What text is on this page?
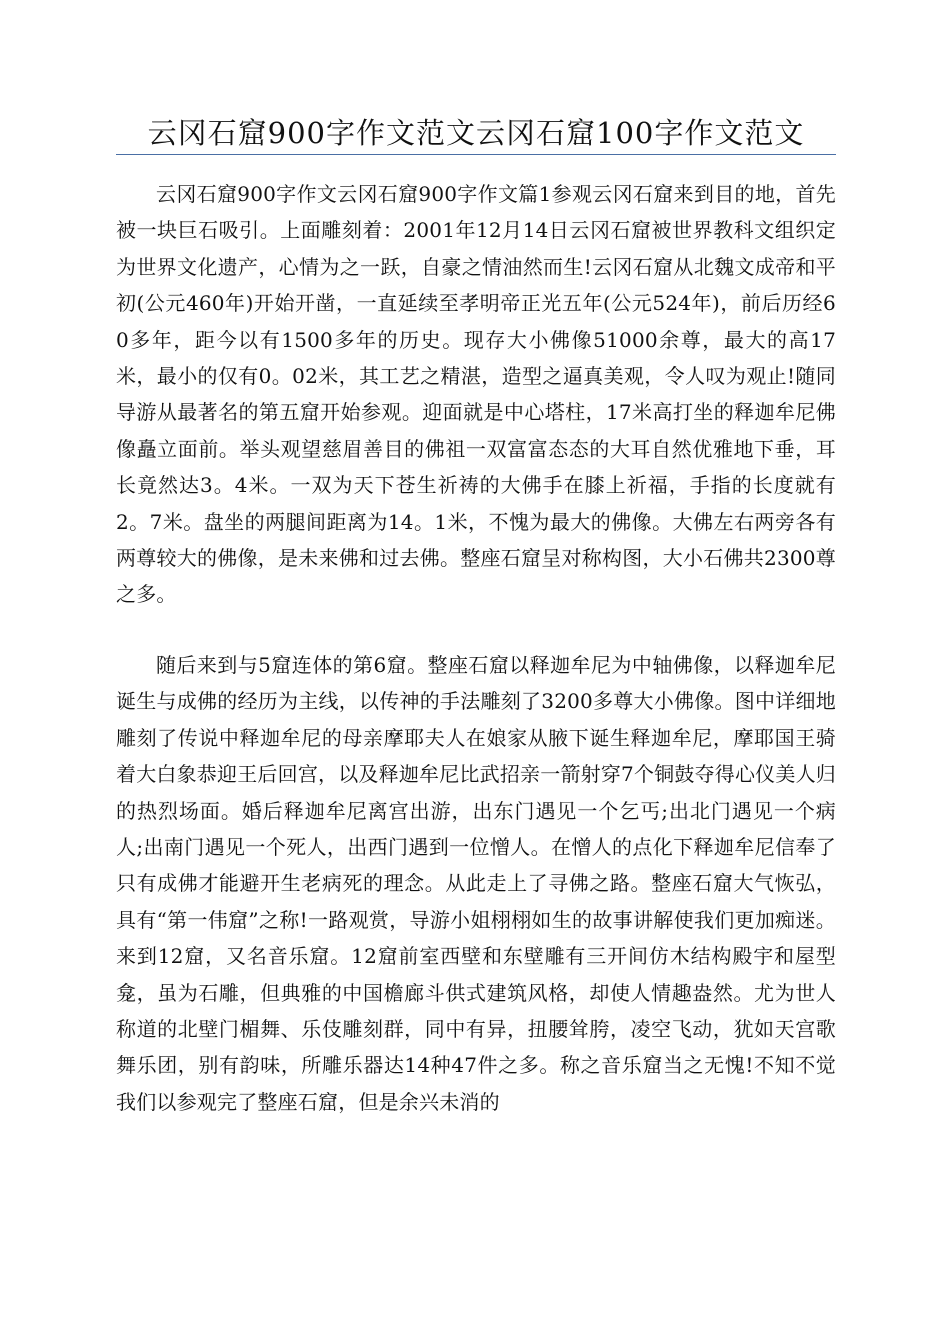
云冈石窟900字作文范文云冈石窟100字作文范文

云冈石窟900字作文云冈石窟900字作文篇1参观云冈石窟来到目的地，首先被一块巨石吸引。上面雕刻着：2001年12月14日云冈石窟被世界教科文组织定为世界文化遗产，心情为之一跃，自豪之情油然而生!云冈石窟从北魏文成帝和平初(公元460年)开始开凿，一直延续至孝明帝正光五年(公元524年)，前后历经60多年，距今以有1500多年的历史。现存大小佛像51000余尊，最大的高17米，最小的仅有0。02米，其工艺之精湛，造型之逼真美观，令人叹为观止!随同导游从最著名的第五窟开始参观。迎面就是中心塔柱，17米高打坐的释迦牟尼佛像矗立面前。举头观望慈眉善目的佛祖一双富富态态的大耳自然优雅地下垂，耳长竟然达3。4米。一双为天下苍生祈祷的大佛手在膝上祈福，手指的长度就有2。7米。盘坐的两腿间距离为14。1米，不愧为最大的佛像。大佛左右两旁各有两尊较大的佛像，是未来佛和过去佛。整座石窟呈对称构图，大小石佛共2300尊之多。

随后来到与5窟连体的第6窟。整座石窟以释迦牟尼为中轴佛像，以释迦牟尼诞生与成佛的经历为主线，以传神的手法雕刻了3200多尊大小佛像。图中详细地雕刻了传说中释迦牟尼的母亲摩耶夫人在娘家从腋下诞生释迦牟尼，摩耶国王骑着大白象恭迎王后回宫，以及释迦牟尼比武招亲一箭射穿7个铜鼓夺得心仪美人归的热烈场面。婚后释迦牟尼离宫出游，出东门遇见一个乞丐;出北门遇见一个病人;出南门遇见一个死人，出西门遇到一位憎人。在憎人的点化下释迦牟尼信奉了只有成佛才能避开生老病死的理念。从此走上了寻佛之路。整座石窟大气恢弘，具有“第一伟窟”之称!一路观赏，导游小姐栩栩如生的故事讲解使我们更加痴迷。来到12窟，又名音乐窟。12窟前室西壁和东壁雕有三开间仿木结构殿宇和屋型龛，虽为石雕，但典雅的中国檐廊斗供式建筑风格，却使人情趣盎然。尤为世人称道的北壁门楣舞、乐伎雕刻群，同中有异，扭腰耸胯，凌空飞动，犹如天宫歌舞乐团，别有韵味，所雕乐器达14种47件之多。称之音乐窟当之无愧!不知不觉我们以参观完了整座石窟，但是余兴未消的
